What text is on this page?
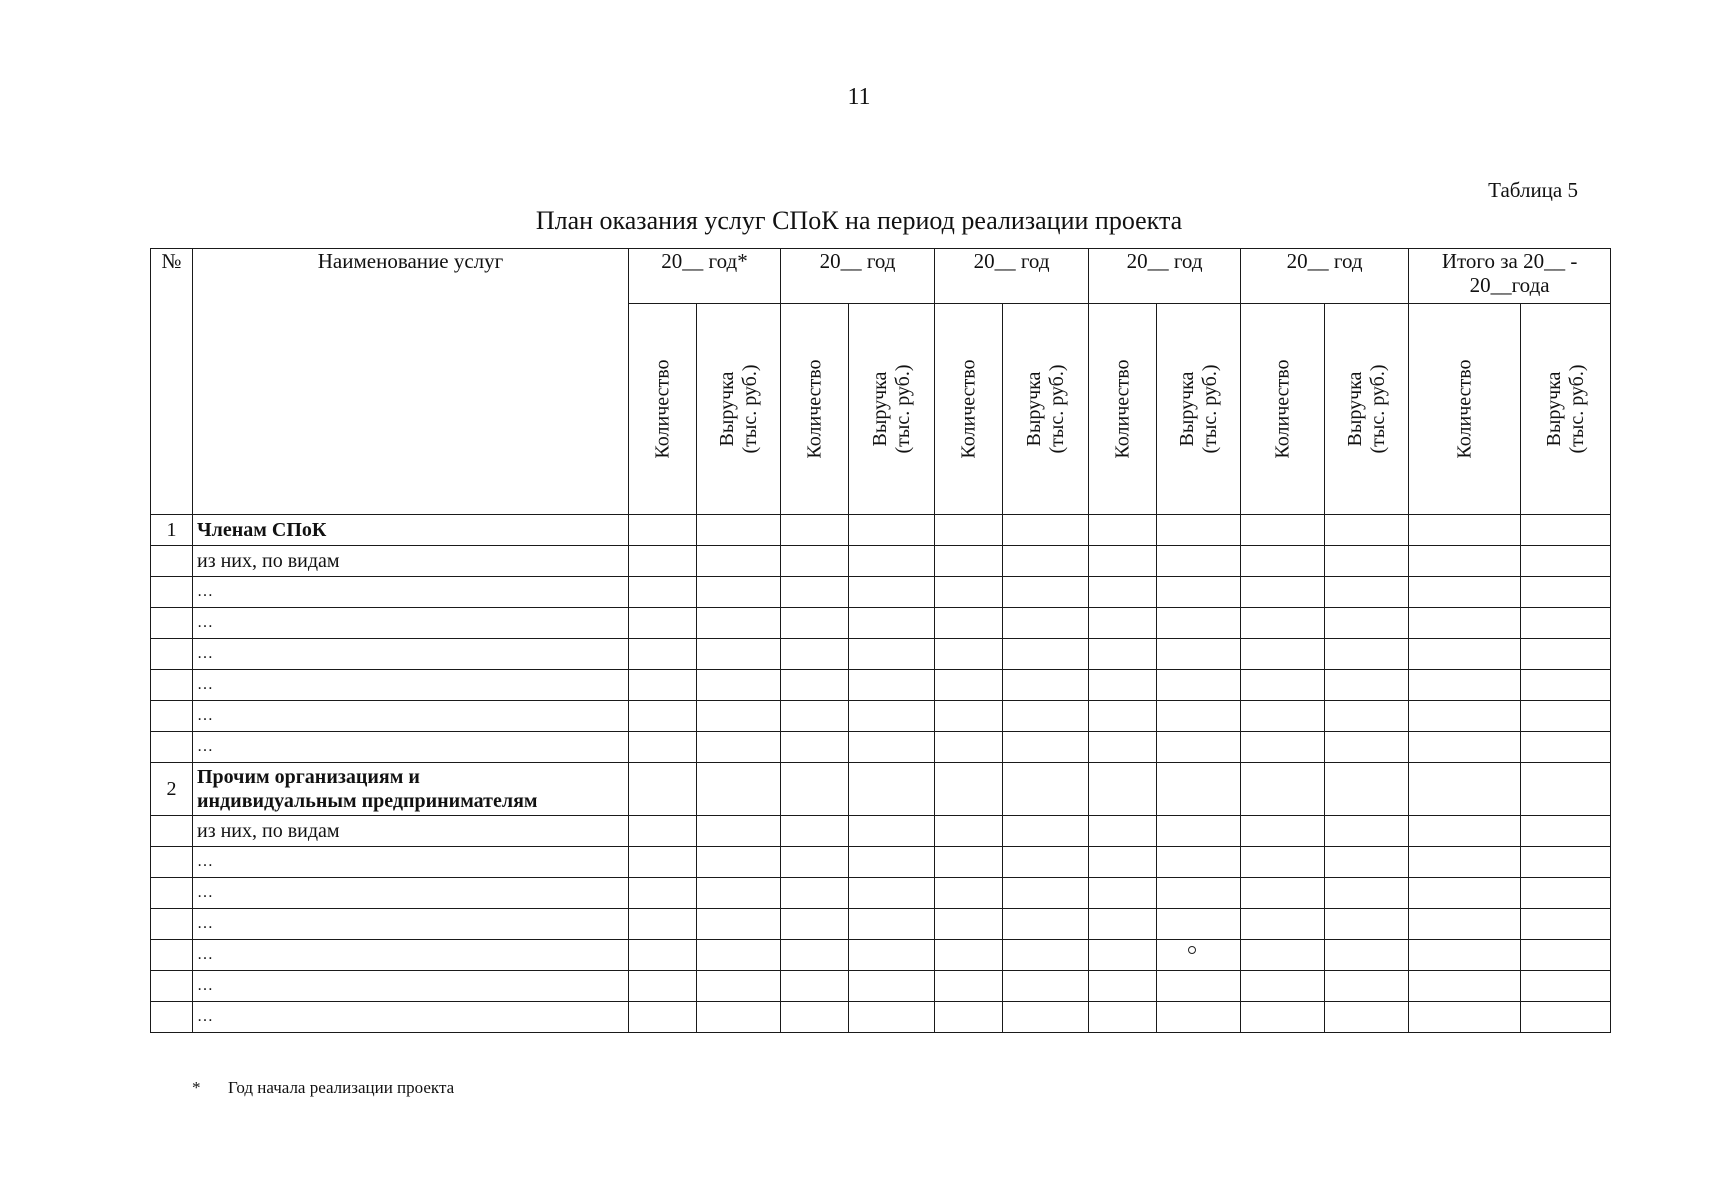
11
Таблица 5
План оказания услуг СПоК на период реализации проекта
№	Наименование услуг	20__ год*		20__ год		20__ год		20__ год		20__ год		Итого за 20__ -
20__года	

		Количество	Выручка (тыс. руб.)	Количество	Выручка (тыс. руб.)	Количество	Выручка (тыс. руб.)	Количество	Выручка (тыс. руб.)	Количество	Выручка (тыс. руб.)	Количество	Выручка (тыс. руб.)

1	Членам СПоК												
	из них, по видам												
	…												
	…												
	…												
	…												
	…												
	…												
2	Прочим организациям и
индивидуальным предпринимателям												
	из них, по видам												
	…												
	…												
	…												
	…												
	…												
	…												
* Год начала реализации проекта
